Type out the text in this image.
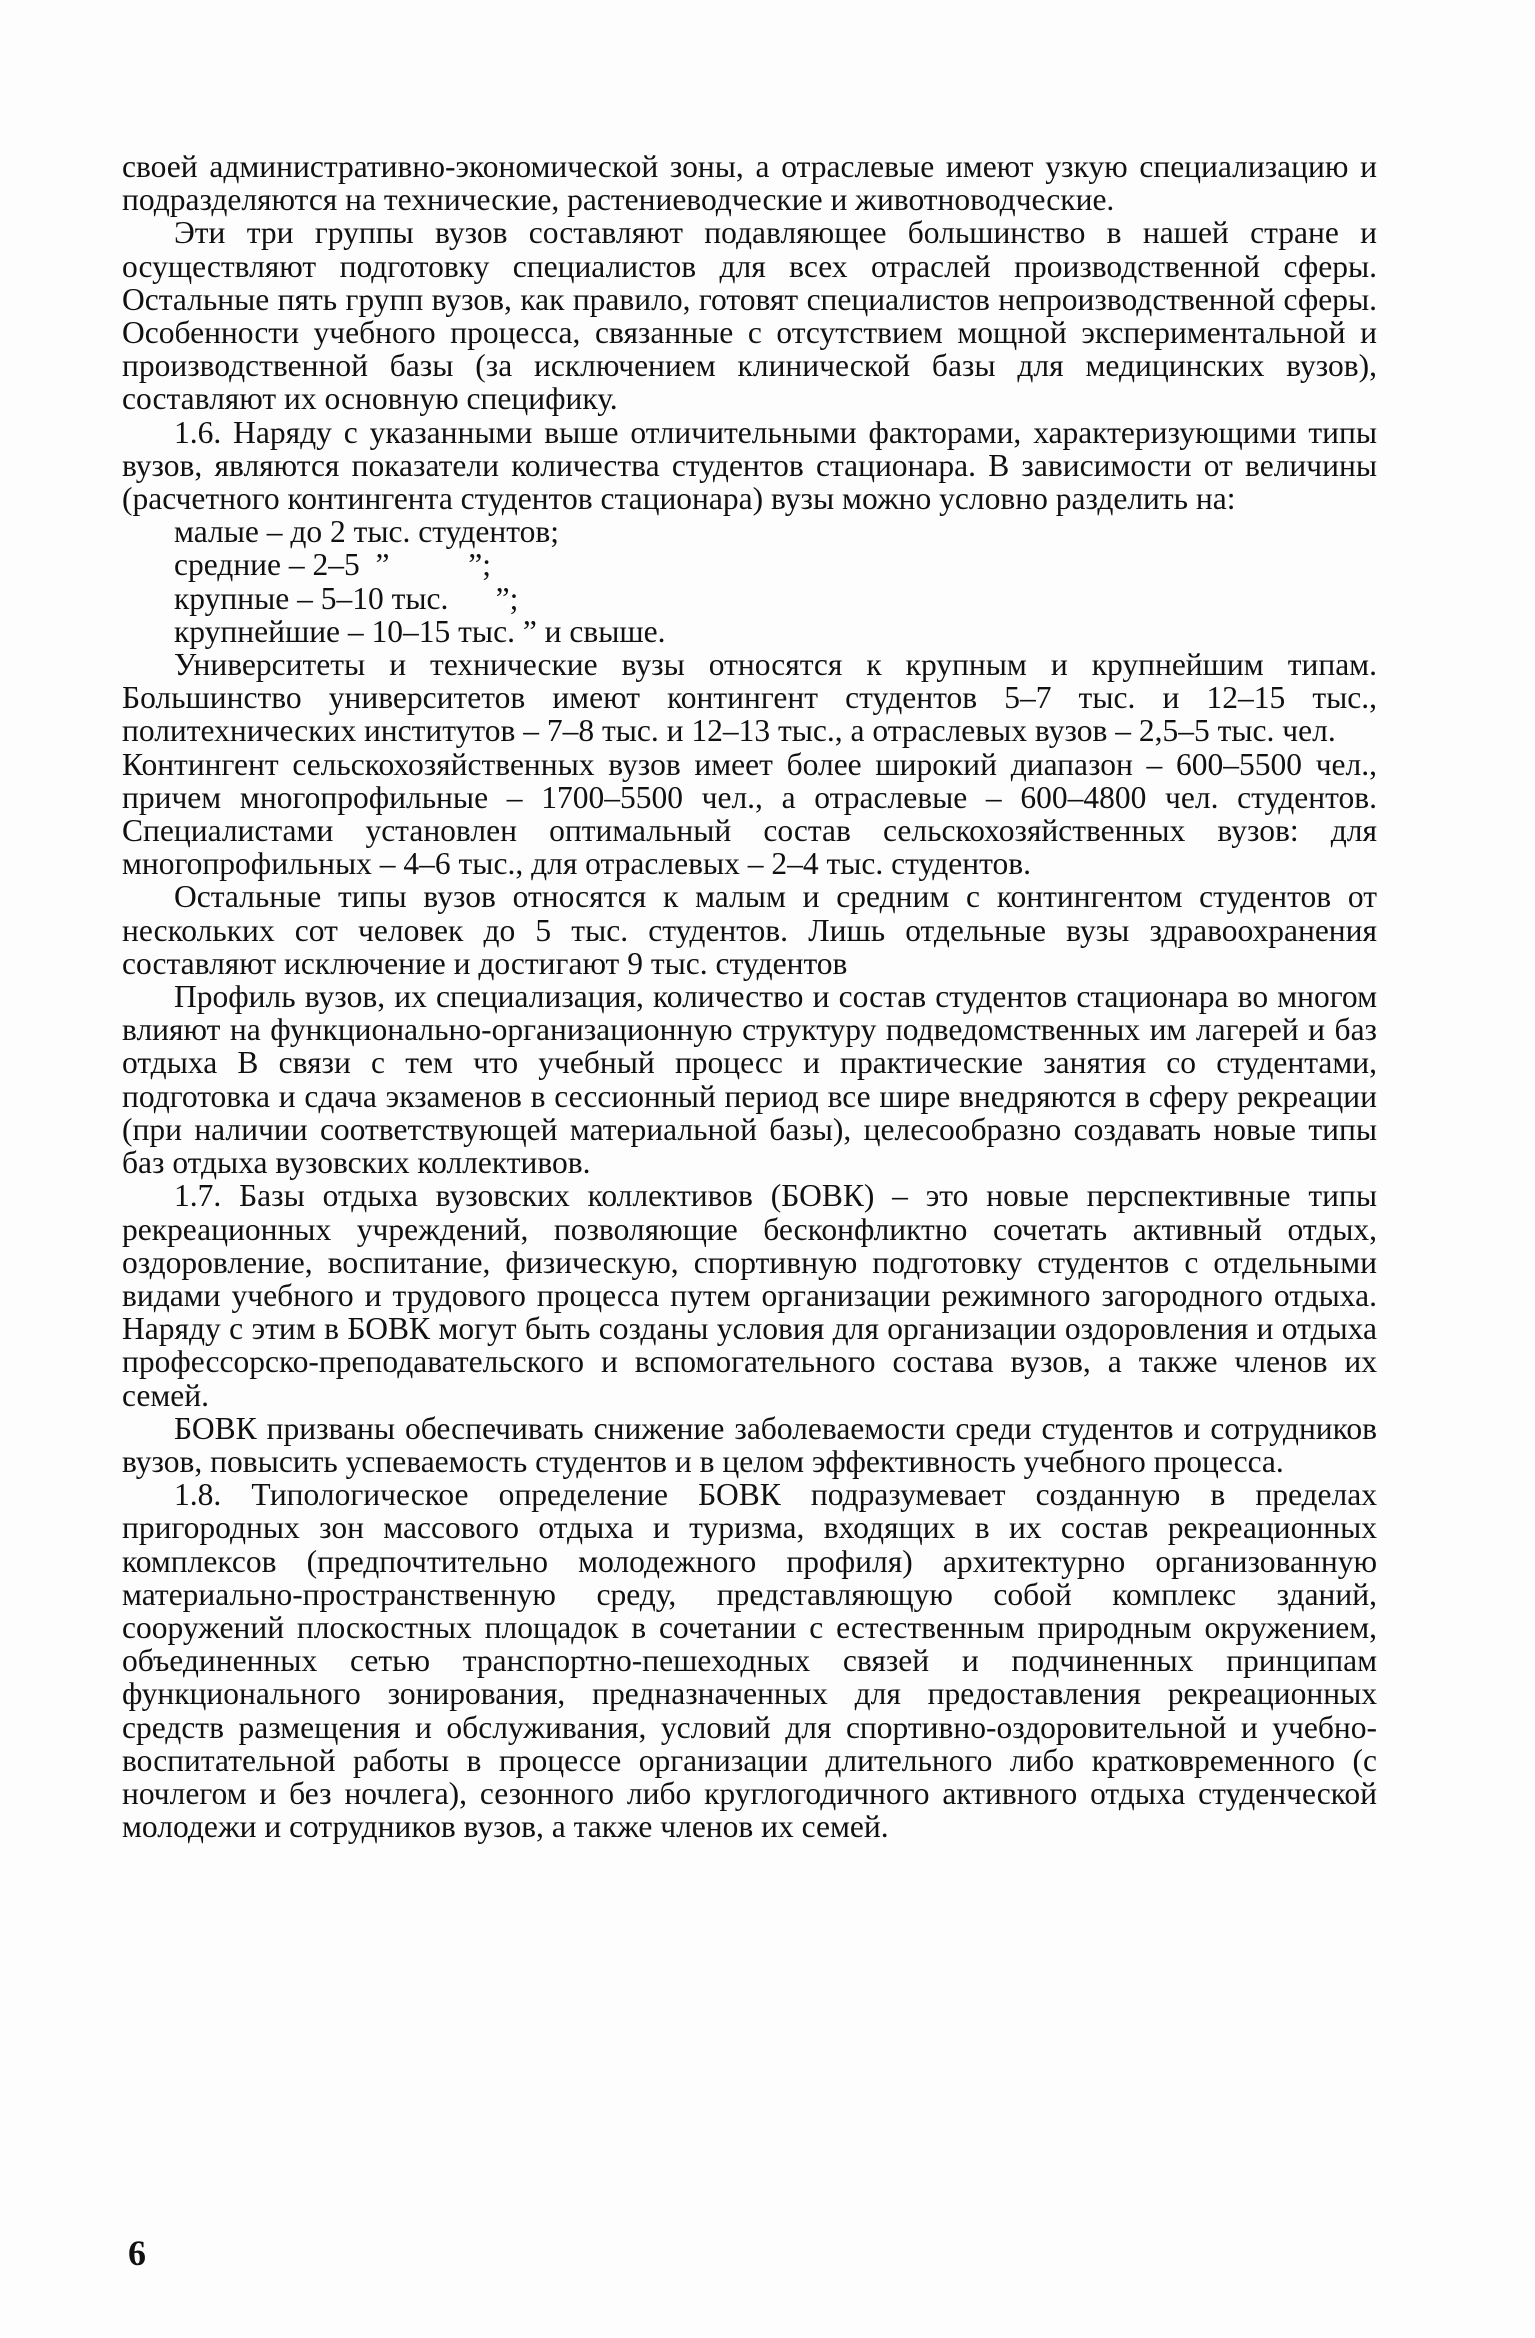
своей административно-экономической зоны, а отраслевые имеют узкую специализацию и подразделяются на технические, растениеводческие и животноводческие.

Эти три группы вузов составляют подавляющее большинство в нашей стране и осуществляют подготовку специалистов для всех отраслей производственной сферы. Остальные пять групп вузов, как правило, готовят специалистов непроизводственной сферы. Особенности учебного процесса, связанные с отсутствием мощной экспериментальной и производственной базы (за исключением клинической базы для медицинских вузов), составляют их основную специфику.

1.6. Наряду с указанными выше отличительными факторами, характеризующими типы вузов, являются показатели количества студентов стационара. В зависимости от величины (расчетного контингента студентов стационара) вузы можно условно разделить на:

малые – до 2 тыс. студентов;

средние – 2–5  ”          ”;

крупные – 5–10 тыс.      ”;

крупнейшие – 10–15 тыс. ” и свыше.

Университеты и технические вузы относятся к крупным и крупнейшим типам. Большинство университетов имеют контингент студентов 5–7 тыс. и 12–15 тыс., политехнических институтов – 7–8 тыс. и 12–13 тыс., а отраслевых вузов – 2,5–5 тыс. чел.

Контингент сельскохозяйственных вузов имеет более широкий диапазон – 600–5500 чел., причем многопрофильные – 1700–5500 чел., а отраслевые – 600–4800 чел. студентов. Специалистами установлен оптимальный состав сельскохозяйственных вузов: для многопрофильных – 4–6 тыс., для отраслевых – 2–4 тыс. студентов.

Остальные типы вузов относятся к малым и средним с контингентом студентов от нескольких сот человек до 5 тыс. студентов. Лишь отдельные вузы здравоохранения составляют исключение и достигают 9 тыс. студентов

Профиль вузов, их специализация, количество и состав студентов стационара во многом влияют на функционально-организационную структуру подведомственных им лагерей и баз отдыха В связи с тем что учебный процесс и практические занятия со студентами, подготовка и сдача экзаменов в сессионный период все шире внедряются в сферу рекреации (при наличии соответствующей материальной базы), целесообразно создавать новые типы баз отдыха вузовских коллективов.

1.7. Базы отдыха вузовских коллективов (БОВК) – это новые перспективные типы рекреационных учреждений, позволяющие бесконфликтно сочетать активный отдых, оздоровление, воспитание, физическую, спортивную подготовку студентов с отдельными видами учебного и трудового процесса путем организации режимного загородного отдыха. Наряду с этим в БОВК могут быть созданы условия для организации оздоровления и отдыха профессорско-преподавательского и вспомогательного состава вузов, а также членов их семей.

БОВК призваны обеспечивать снижение заболеваемости среди студентов и сотрудников вузов, повысить успеваемость студентов и в целом эффективность учебного процесса.

1.8. Типологическое определение БОВК подразумевает созданную в пределах пригородных зон массового отдыха и туризма, входящих в их состав рекреационных комплексов (предпочтительно молодежного профиля) архитектурно организованную материально-пространственную среду, представляющую собой комплекс зданий, сооружений плоскостных площадок в сочетании с естественным природным окружением, объединенных сетью транспортно-пешеходных связей и подчиненных принципам функционального зонирования, предназначенных для предоставления рекреационных средств размещения и обслуживания, условий для спортивно-оздоровительной и учебно-воспитательной работы в процессе организации длительного либо кратковременного (с ночлегом и без ночлега), сезонного либо круглогодичного активного отдыха студенческой молодежи и сотрудников вузов, а также членов их семей.

6
